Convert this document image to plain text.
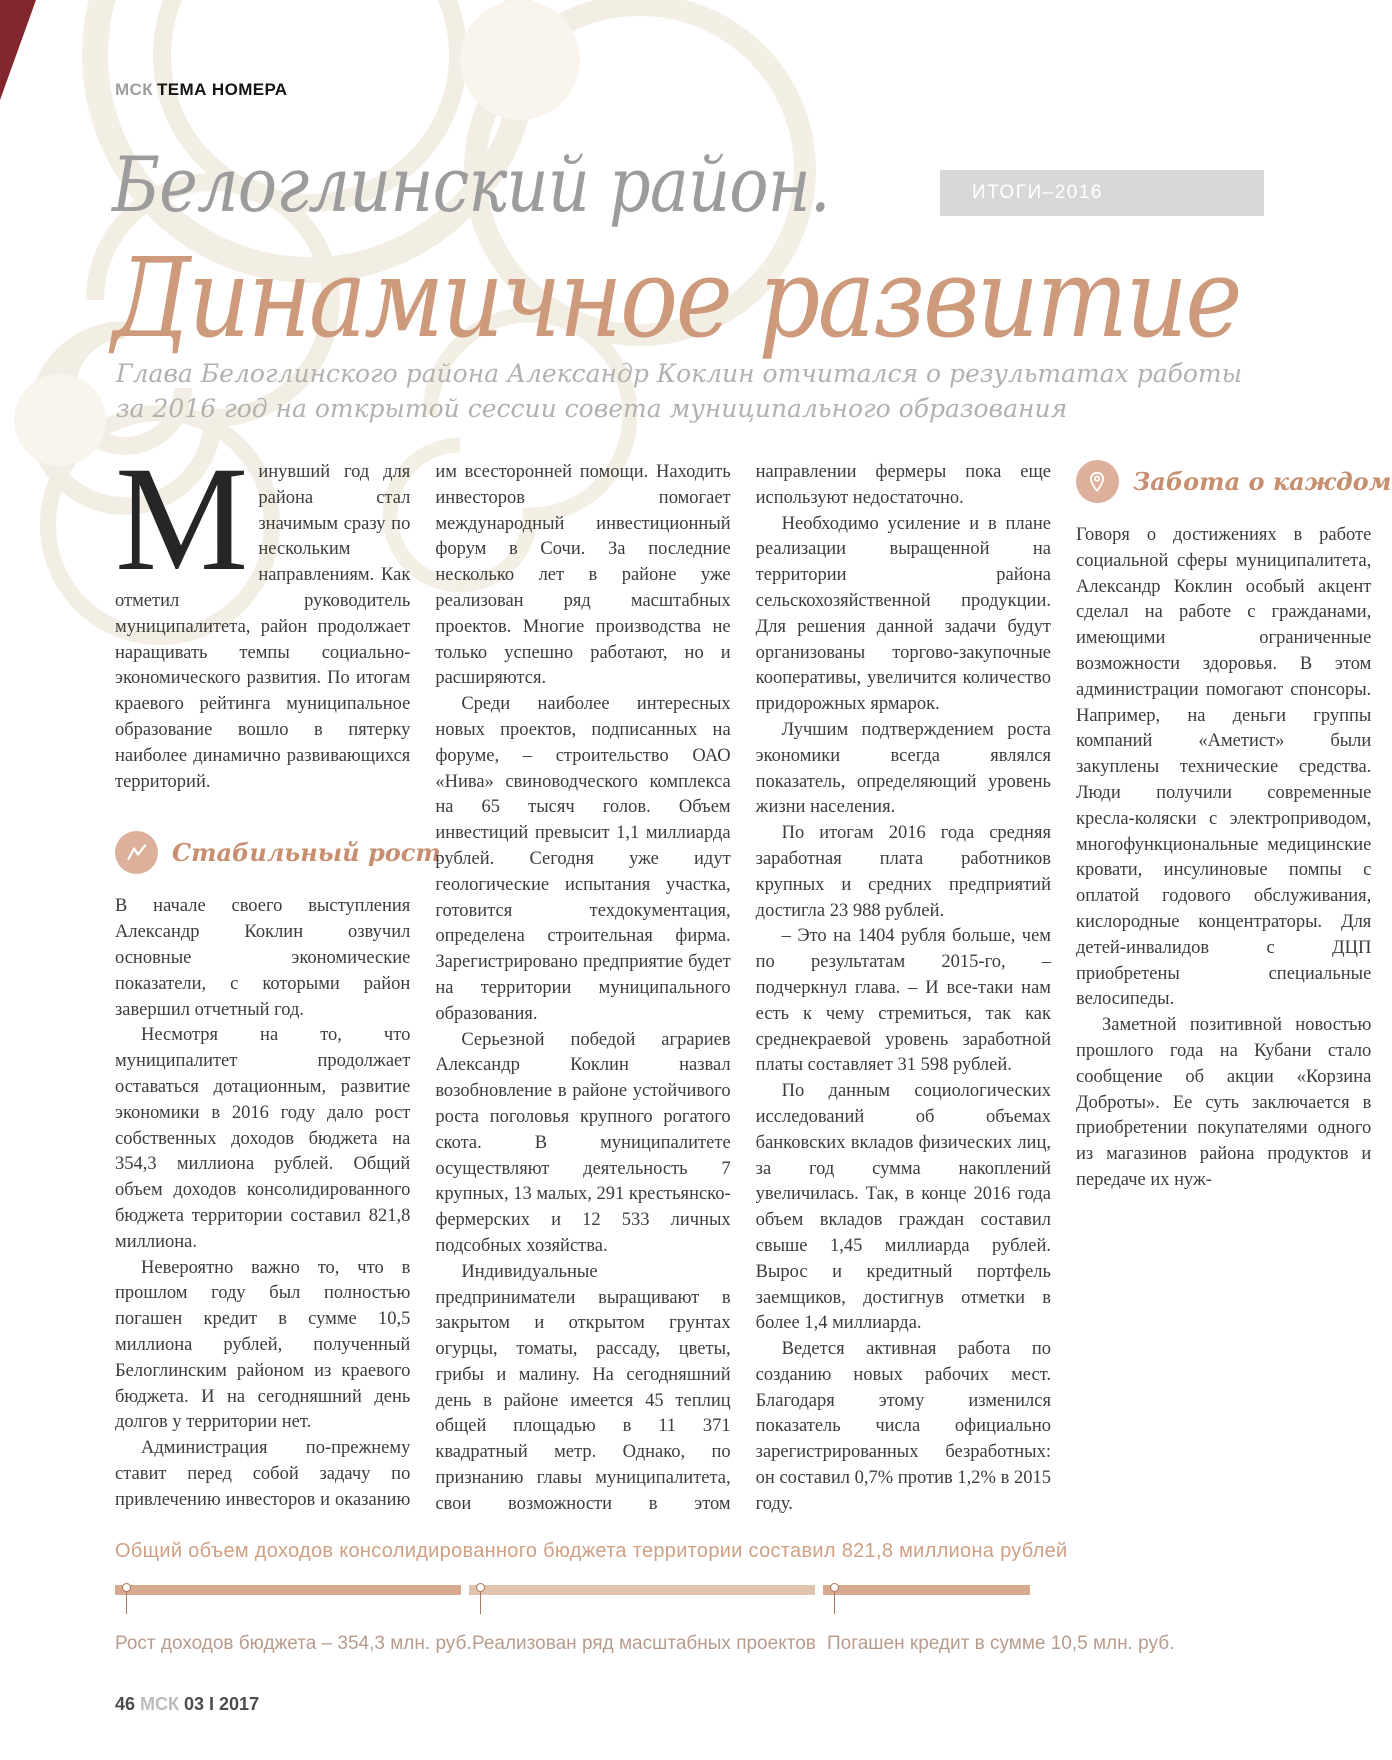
МСК ТЕМА НОМЕРА
Белоглинский район.	ИТОГИ–2016
Динамичное развитие
Глава Белоглинского района Александр Коклин отчитался о результатах работы
за 2016 год на открытой сессии совета муниципального образования

Минувший год для района стал значимым сразу по нескольким направлениям. Как отметил руководитель муниципалитета, район продолжает наращивать темпы социально-экономического развития. По итогам краевого рейтинга муниципальное образование вошло в пятерку наиболее динамично развивающихся территорий.

Стабильный рост

В начале своего выступления Александр Коклин озвучил основные экономические показатели, с которыми район завершил отчетный год.

Несмотря на то, что муниципалитет продолжает оставаться дотационным, развитие экономики в 2016 году дало рост собственных доходов бюджета на 354,3 миллиона рублей. Общий объем доходов консолидированного бюджета территории составил 821,8 миллиона.

Невероятно важно то, что в прошлом году был полностью погашен кредит в сумме 10,5 миллиона рублей, полученный Белоглинским районом из краевого бюджета. И на сегодняшний день долгов у территории нет.

Администрация по-прежнему ставит перед собой задачу по привлечению инвесторов и оказанию им всесторонней помощи. Находить инвесторов помогает международный инвестиционный форум в Сочи. За последние несколько лет в районе уже реализован ряд масштабных проектов. Многие производства не только успешно работают, но и расширяются.

Среди наиболее интересных новых проектов, подписанных на форуме, – строительство ОАО «Нива» свиноводческого комплекса на 65 тысяч голов. Объем инвестиций превысит 1,1 миллиарда рублей. Сегодня уже идут геологические испытания участка, готовится техдокументация, определена строительная фирма. Зарегистрировано предприятие будет на территории муниципального образования.

Серьезной победой аграриев Александр Коклин назвал возобновление в районе устойчивого роста поголовья крупного рогатого скота. В муниципалитете осуществляют деятельность 7 крупных, 13 малых, 291 крестьянско-фермерских и 12 533 личных подсобных хозяйства.

Индивидуальные предприниматели выращивают в закрытом и открытом грунтах огурцы, томаты, рассаду, цветы, грибы и малину. На сегодняшний день в районе имеется 45 теплиц общей площадью в 11 371 квадратный метр. Однако, по признанию главы муниципалитета, свои возможности в этом направлении фермеры пока еще используют недостаточно.

Необходимо усиление и в плане реализации выращенной на территории района сельскохозяйственной продукции. Для решения данной задачи будут организованы торгово-закупочные кооперативы, увеличится количество придорожных ярмарок.

Лучшим подтверждением роста экономики всегда являлся показатель, определяющий уровень жизни населения.

По итогам 2016 года средняя заработная плата работников крупных и средних предприятий достигла 23 988 рублей.

– Это на 1404 рубля больше, чем по результатам 2015-го, – подчеркнул глава. – И все-таки нам есть к чему стремиться, так как среднекраевой уровень заработной платы составляет 31 598 рублей.

По данным социологических исследований об объемах банковских вкладов физических лиц, за год сумма накоплений увеличилась. Так, в конце 2016 года объем вкладов граждан составил свыше 1,45 миллиарда рублей. Вырос и кредитный портфель заемщиков, достигнув отметки в более 1,4 миллиарда.

Ведется активная работа по созданию новых рабочих мест. Благодаря этому изменился показатель числа официально зарегистрированных безработных: он составил 0,7% против 1,2% в 2015 году.

Забота о каждом

Говоря о достижениях в работе социальной сферы муниципалитета, Александр Коклин особый акцент сделал на работе с гражданами, имеющими ограниченные возможности здоровья. В этом администрации помогают спонсоры. Например, на деньги группы компаний «Аметист» были закуплены технические средства. Люди получили современные кресла-коляски с электроприводом, многофункциональные медицинские кровати, инсулиновые помпы с оплатой годового обслуживания, кислородные концентраторы. Для детей-инвалидов с ДЦП приобретены специальные велосипеды.

Заметной позитивной новостью прошлого года на Кубани стало сообщение об акции «Корзина Доброты». Ее суть заключается в приобретении покупателями одного из магазинов района продуктов и передаче их нуж-

Общий объем доходов консолидированного бюджета территории составил 821,8 миллиона рублей
Рост доходов бюджета – 354,3 млн. руб. Реализован ряд масштабных проектов Погашен кредит в сумме 10,5 млн. руб.
46 МСК 03 I 2017
